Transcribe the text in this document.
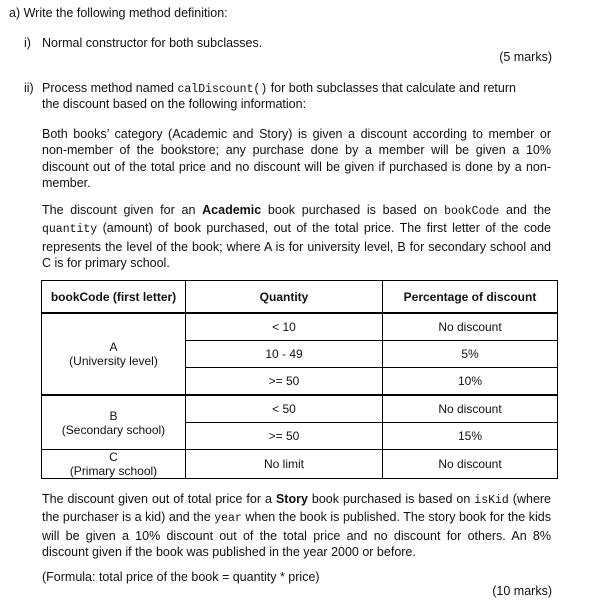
a) Write the following method definition:
i) Normal constructor for both subclasses.
(5 marks)
ii) Process method named calDiscount() for both subclasses that calculate and return
the discount based on the following information:
Both books’ category (Academic and Story) is given a discount according to member or non-member of the bookstore; any purchase done by a member will be given a 10% discount out of the total price and no discount will be given if purchased is done by a non-member.
The discount given for an Academic book purchased is based on bookCode and the quantity (amount) of book purchased, out of the total price. The first letter of the code represents the level of the book; where A is for university level, B for secondary school and C is for primary school.
bookCode (first letter)	Quantity	Percentage of discount

A
(University level)	< 10	No discount
	10 - 49	5%
	>= 50	10%

B
(Secondary school)	< 50	No discount
	>= 50	15%

C
(Primary school)	No limit	No discount
The discount given out of total price for a Story book purchased is based on isKid (where the purchaser is a kid) and the year when the book is published. The story book for the kids will be given a 10% discount out of the total price and no discount for others. An 8% discount given if the book was published in the year 2000 or before.
(Formula: total price of the book = quantity * price)
(10 marks)
